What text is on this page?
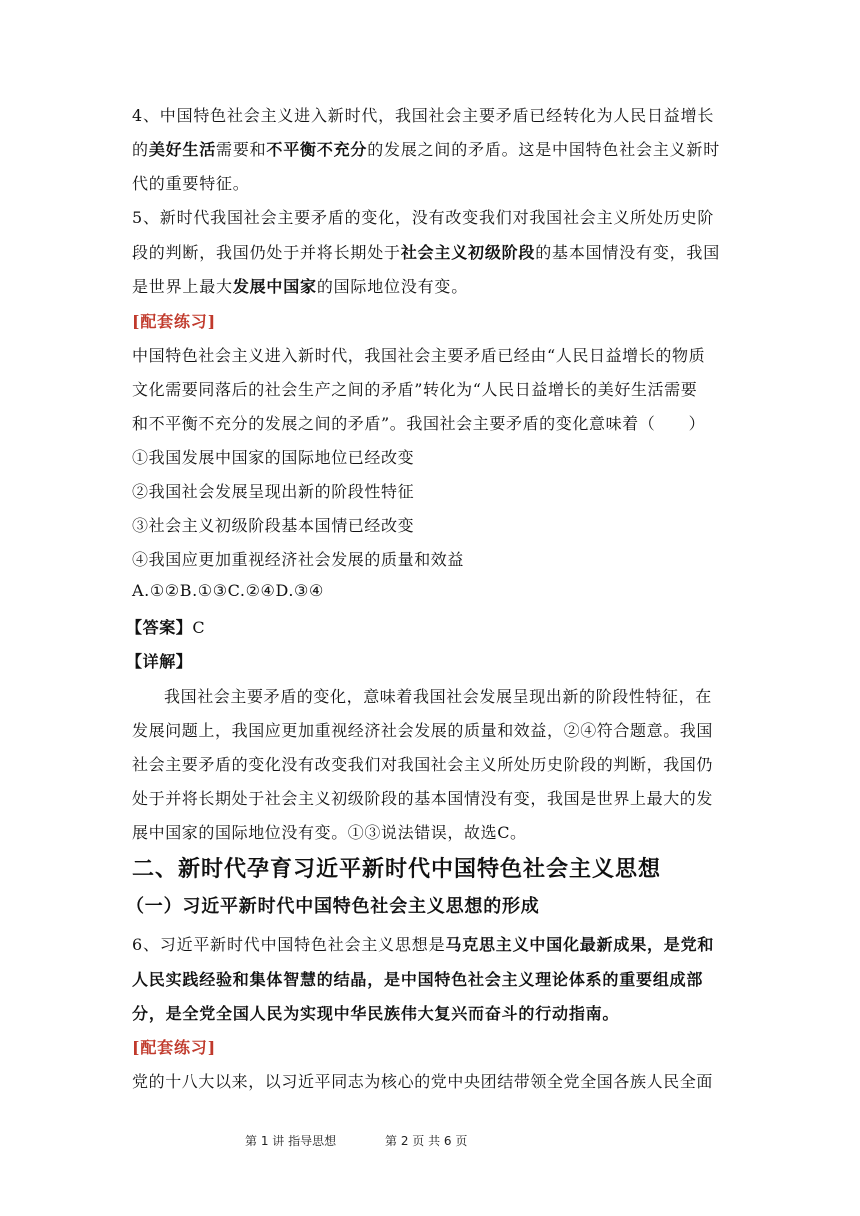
4、中国特色社会主义进入新时代，我国社会主要矛盾已经转化为人民日益增长
的美好生活需要和不平衡不充分的发展之间的矛盾。这是中国特色社会主义新时
代的重要特征。
5、新时代我国社会主要矛盾的变化，没有改变我们对我国社会主义所处历史阶
段的判断，我国仍处于并将长期处于社会主义初级阶段的基本国情没有变，我国
是世界上最大发展中国家的国际地位没有变。
[配套练习]
中国特色社会主义进入新时代，我国社会主要矛盾已经由“人民日益增长的物质
文化需要同落后的社会生产之间的矛盾”转化为“人民日益增长的美好生活需要
和不平衡不充分的发展之间的矛盾”。我国社会主要矛盾的变化意味着（　　）
①我国发展中国家的国际地位已经改变
②我国社会发展呈现出新的阶段性特征
③社会主义初级阶段基本国情已经改变
④我国应更加重视经济社会发展的质量和效益
A.①②B.①③C.②④D.③④
【答案】C
【详解】
我国社会主要矛盾的变化，意味着我国社会发展呈现出新的阶段性特征，在
发展问题上，我国应更加重视经济社会发展的质量和效益，②④符合题意。我国
社会主要矛盾的变化没有改变我们对我国社会主义所处历史阶段的判断，我国仍
处于并将长期处于社会主义初级阶段的基本国情没有变，我国是世界上最大的发
展中国家的国际地位没有变。①③说法错误，故选C。
二、新时代孕育习近平新时代中国特色社会主义思想
（一）习近平新时代中国特色社会主义思想的形成
6、习近平新时代中国特色社会主义思想是马克思主义中国化最新成果，是党和
人民实践经验和集体智慧的结晶，是中国特色社会主义理论体系的重要组成部
分，是全党全国人民为实现中华民族伟大复兴而奋斗的行动指南。
[配套练习]
党的十八大以来，以习近平同志为核心的党中央团结带领全党全国各族人民全面
第 1 讲 指导思想	第 2 页 共 6 页
